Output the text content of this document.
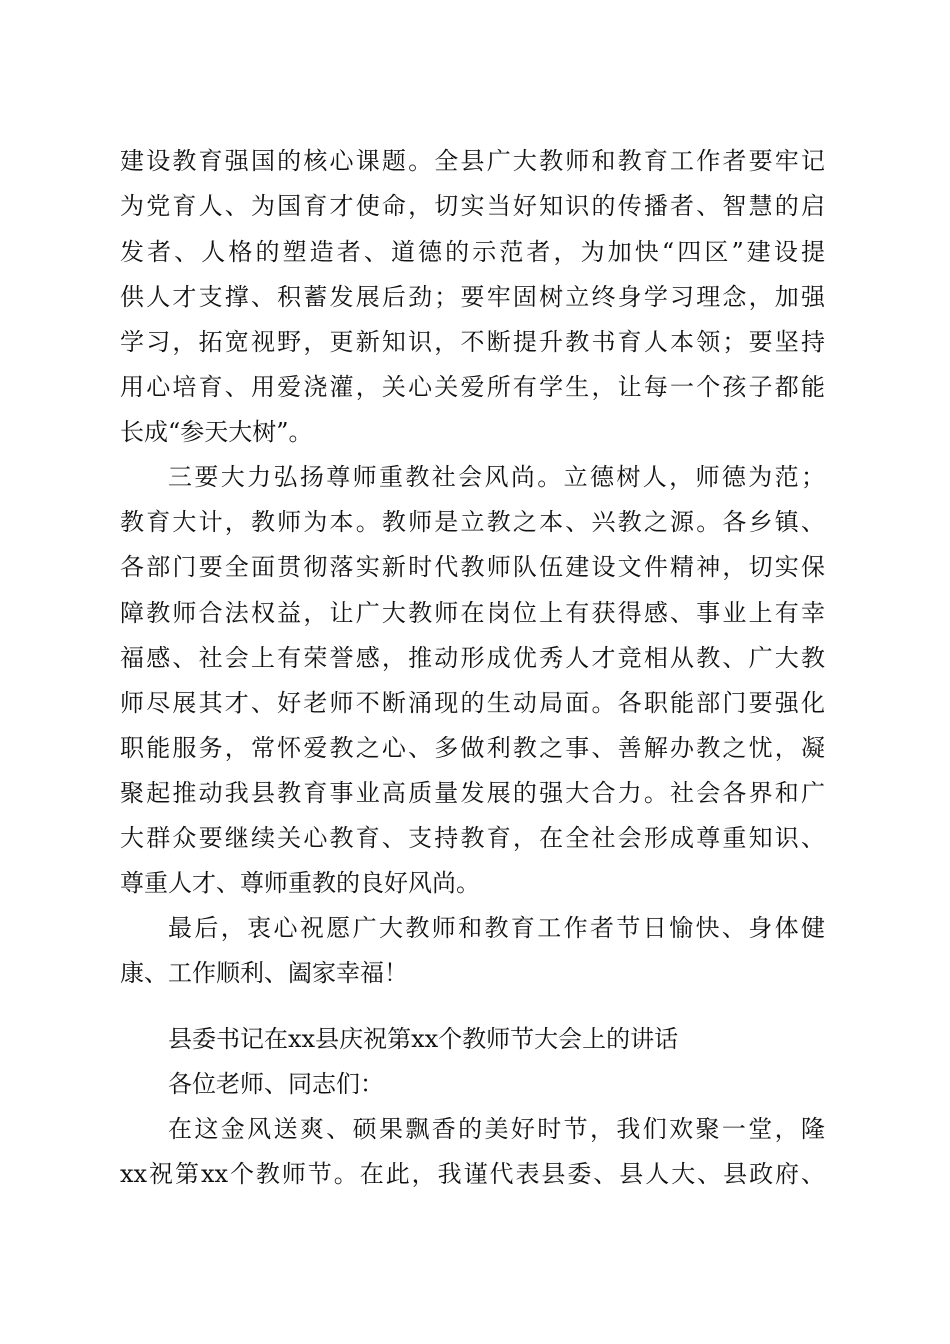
建设教育强国的核心课题。全县广大教师和教育工作者要牢记
为党育人、为国育才使命，切实当好知识的传播者、智慧的启
发者、人格的塑造者、道德的示范者，为加快“四区”建设提
供人才支撑、积蓄发展后劲；要牢固树立终身学习理念，加强
学习，拓宽视野，更新知识，不断提升教书育人本领；要坚持
用心培育、用爱浇灌，关心关爱所有学生，让每一个孩子都能
长成“参天大树”。
三要大力弘扬尊师重教社会风尚。立德树人，师德为范；
教育大计，教师为本。教师是立教之本、兴教之源。各乡镇、
各部门要全面贯彻落实新时代教师队伍建设文件精神，切实保
障教师合法权益，让广大教师在岗位上有获得感、事业上有幸
福感、社会上有荣誉感，推动形成优秀人才竞相从教、广大教
师尽展其才、好老师不断涌现的生动局面。各职能部门要强化
职能服务，常怀爱教之心、多做利教之事、善解办教之忧，凝
聚起推动我县教育事业高质量发展的强大合力。社会各界和广
大群众要继续关心教育、支持教育，在全社会形成尊重知识、
尊重人才、尊师重教的良好风尚。
最后，衷心祝愿广大教师和教育工作者节日愉快、身体健
康、工作顺利、阖家幸福！
县委书记在xx县庆祝第xx个教师节大会上的讲话
各位老师、同志们：
在这金风送爽、硕果飘香的美好时节，我们欢聚一堂，隆
xx祝第xx个教师节。在此，我谨代表县委、县人大、县政府、
